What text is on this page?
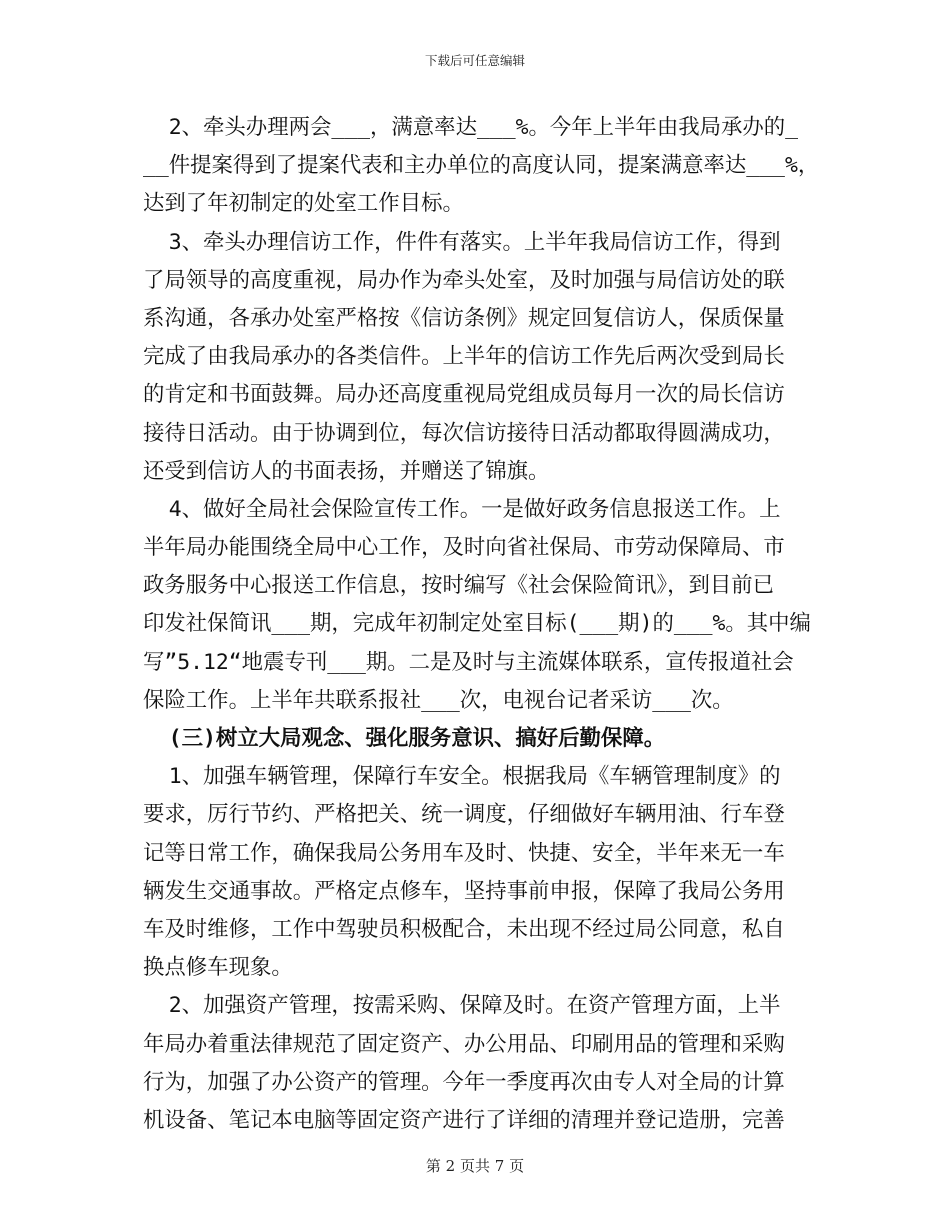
下载后可任意编辑
2、牵头办理两会___，满意率达___%。今年上半年由我局承办的_
__件提案得到了提案代表和主办单位的高度认同，提案满意率达___%，
达到了年初制定的处室工作目标。
3、牵头办理信访工作，件件有落实。上半年我局信访工作，得到
了局领导的高度重视，局办作为牵头处室，及时加强与局信访处的联
系沟通，各承办处室严格按《信访条例》规定回复信访人，保质保量
完成了由我局承办的各类信件。上半年的信访工作先后两次受到局长
的肯定和书面鼓舞。局办还高度重视局党组成员每月一次的局长信访
接待日活动。由于协调到位，每次信访接待日活动都取得圆满成功，
还受到信访人的书面表扬，并赠送了锦旗。
4、做好全局社会保险宣传工作。一是做好政务信息报送工作。上
半年局办能围绕全局中心工作，及时向省社保局、市劳动保障局、市
政务服务中心报送工作信息，按时编写《社会保险简讯》，到目前已
印发社保简讯___期，完成年初制定处室目标(___期)的___%。其中编
写”5.12“地震专刊___期。二是及时与主流媒体联系，宣传报道社会
保险工作。上半年共联系报社___次，电视台记者采访___次。
(三)树立大局观念、强化服务意识、搞好后勤保障。
1、加强车辆管理，保障行车安全。根据我局《车辆管理制度》的
要求，厉行节约、严格把关、统一调度，仔细做好车辆用油、行车登
记等日常工作，确保我局公务用车及时、快捷、安全，半年来无一车
辆发生交通事故。严格定点修车，坚持事前申报，保障了我局公务用
车及时维修，工作中驾驶员积极配合，未出现不经过局公同意，私自
换点修车现象。
2、加强资产管理，按需采购、保障及时。在资产管理方面，上半
年局办着重法律规范了固定资产、办公用品、印刷用品的管理和采购
行为，加强了办公资产的管理。今年一季度再次由专人对全局的计算
机设备、笔记本电脑等固定资产进行了详细的清理并登记造册，完善
第 2 页共 7 页
